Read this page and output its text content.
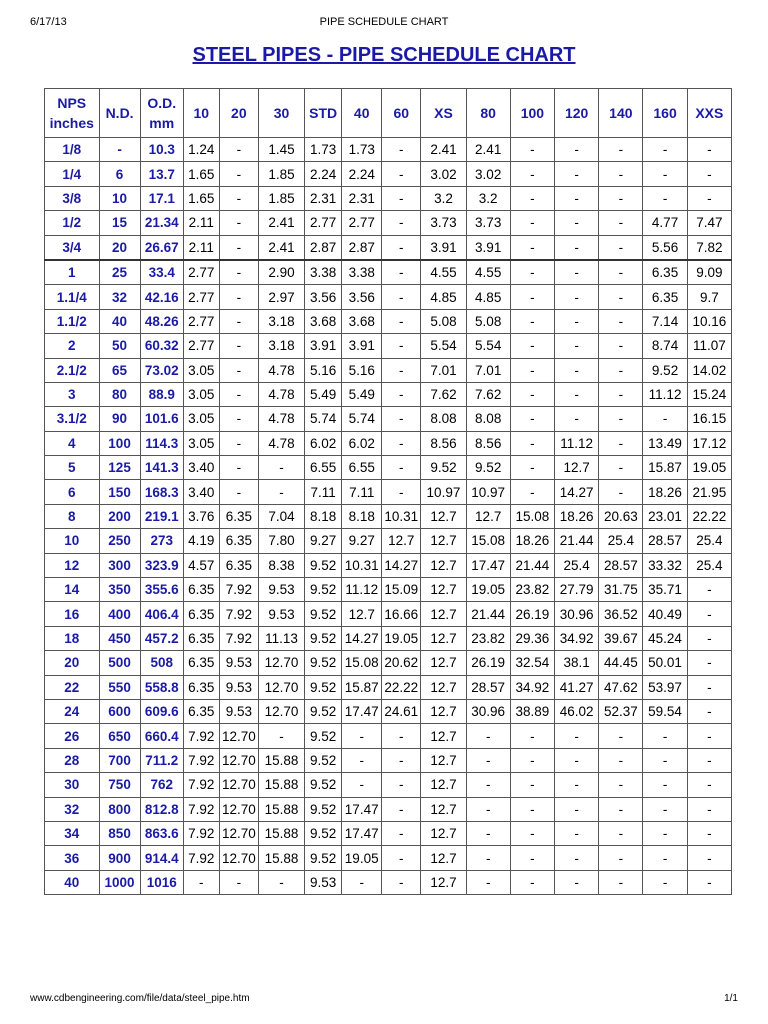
6/17/13	PIPE SCHEDULE CHART
STEEL PIPES - PIPE SCHEDULE CHART
NPS
inches	N.D.	O.D.
mm	10	20	30	STD	40	60	XS	80	100	120	140	160	XXS
1/8	-	10.3	1.24	-	1.45	1.73	1.73	-	2.41	2.41	-	-	-	-	-
1/4	6	13.7	1.65	-	1.85	2.24	2.24	-	3.02	3.02	-	-	-	-	-
3/8	10	17.1	1.65	-	1.85	2.31	2.31	-	3.2	3.2	-	-	-	-	-
1/2	15	21.34	2.11	-	2.41	2.77	2.77	-	3.73	3.73	-	-	-	4.77	7.47
3/4	20	26.67	2.11	-	2.41	2.87	2.87	-	3.91	3.91	-	-	-	5.56	7.82
1	25	33.4	2.77	-	2.90	3.38	3.38	-	4.55	4.55	-	-	-	6.35	9.09
1.1/4	32	42.16	2.77	-	2.97	3.56	3.56	-	4.85	4.85	-	-	-	6.35	9.7
1.1/2	40	48.26	2.77	-	3.18	3.68	3.68	-	5.08	5.08	-	-	-	7.14	10.16
2	50	60.32	2.77	-	3.18	3.91	3.91	-	5.54	5.54	-	-	-	8.74	11.07
2.1/2	65	73.02	3.05	-	4.78	5.16	5.16	-	7.01	7.01	-	-	-	9.52	14.02
3	80	88.9	3.05	-	4.78	5.49	5.49	-	7.62	7.62	-	-	-	11.12	15.24
3.1/2	90	101.6	3.05	-	4.78	5.74	5.74	-	8.08	8.08	-	-	-	-	16.15
4	100	114.3	3.05	-	4.78	6.02	6.02	-	8.56	8.56	-	11.12	-	13.49	17.12
5	125	141.3	3.40	-	-	6.55	6.55	-	9.52	9.52	-	12.7	-	15.87	19.05
6	150	168.3	3.40	-	-	7.11	7.11	-	10.97	10.97	-	14.27	-	18.26	21.95
8	200	219.1	3.76	6.35	7.04	8.18	8.18	10.31	12.7	12.7	15.08	18.26	20.63	23.01	22.22
10	250	273	4.19	6.35	7.80	9.27	9.27	12.7	12.7	15.08	18.26	21.44	25.4	28.57	25.4
12	300	323.9	4.57	6.35	8.38	9.52	10.31	14.27	12.7	17.47	21.44	25.4	28.57	33.32	25.4
14	350	355.6	6.35	7.92	9.53	9.52	11.12	15.09	12.7	19.05	23.82	27.79	31.75	35.71	-
16	400	406.4	6.35	7.92	9.53	9.52	12.7	16.66	12.7	21.44	26.19	30.96	36.52	40.49	-
18	450	457.2	6.35	7.92	11.13	9.52	14.27	19.05	12.7	23.82	29.36	34.92	39.67	45.24	-
20	500	508	6.35	9.53	12.70	9.52	15.08	20.62	12.7	26.19	32.54	38.1	44.45	50.01	-
22	550	558.8	6.35	9.53	12.70	9.52	15.87	22.22	12.7	28.57	34.92	41.27	47.62	53.97	-
24	600	609.6	6.35	9.53	12.70	9.52	17.47	24.61	12.7	30.96	38.89	46.02	52.37	59.54	-
26	650	660.4	7.92	12.70	-	9.52	-	-	12.7	-	-	-	-	-	-
28	700	711.2	7.92	12.70	15.88	9.52	-	-	12.7	-	-	-	-	-	-
30	750	762	7.92	12.70	15.88	9.52	-	-	12.7	-	-	-	-	-	-
32	800	812.8	7.92	12.70	15.88	9.52	17.47	-	12.7	-	-	-	-	-	-
34	850	863.6	7.92	12.70	15.88	9.52	17.47	-	12.7	-	-	-	-	-	-
36	900	914.4	7.92	12.70	15.88	9.52	19.05	-	12.7	-	-	-	-	-	-
40	1000	1016	-	-	-	9.53	-	-	12.7	-	-	-	-	-	-
www.cdbengineering.com/file/data/steel_pipe.htm	1/1
